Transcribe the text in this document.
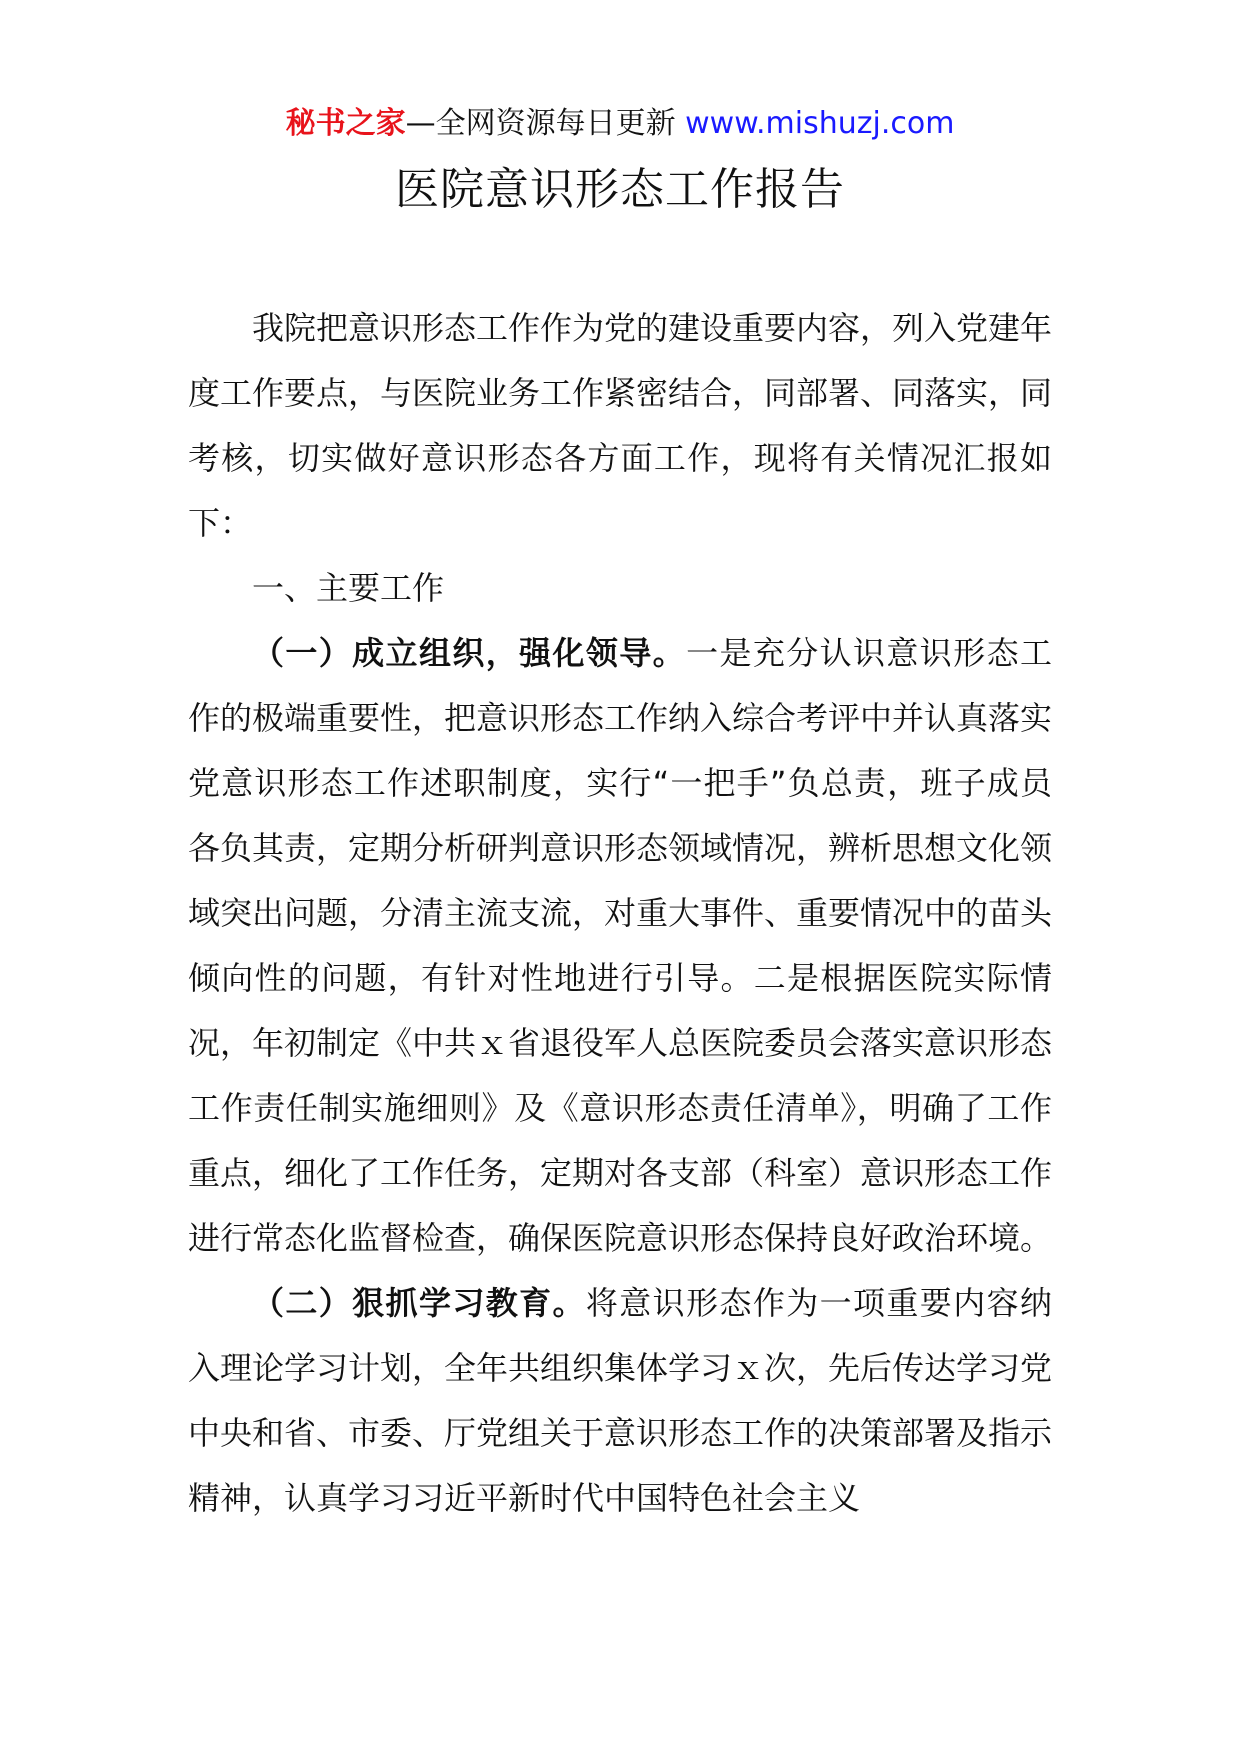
秘书之家—全网资源每日更新 www.mishuzj.com
医院意识形态工作报告

我院把意识形态工作作为党的建设重要内容，列入党建年度工作要点，与医院业务工作紧密结合，同部署、同落实，同考核，切实做好意识形态各方面工作，现将有关情况汇报如下：

一、主要工作

（一）成立组织，强化领导。一是充分认识意识形态工作的极端重要性，把意识形态工作纳入综合考评中并认真落实党意识形态工作述职制度，实行“一把手”负总责，班子成员各负其责，定期分析研判意识形态领域情况，辨析思想文化领域突出问题，分清主流支流，对重大事件、重要情况中的苗头倾向性的问题，有针对性地进行引导。二是根据医院实际情况，年初制定《中共ｘ省退役军人总医院委员会落实意识形态工作责任制实施细则》及《意识形态责任清单》，明确了工作重点，细化了工作任务，定期对各支部（科室）意识形态工作进行常态化监督检查，确保医院意识形态保持良好政治环境。

（二）狠抓学习教育。将意识形态作为一项重要内容纳入理论学习计划，全年共组织集体学习ｘ次，先后传达学习党中央和省、市委、厅党组关于意识形态工作的决策部署及指示精神，认真学习习近平新时代中国特色社会主义
